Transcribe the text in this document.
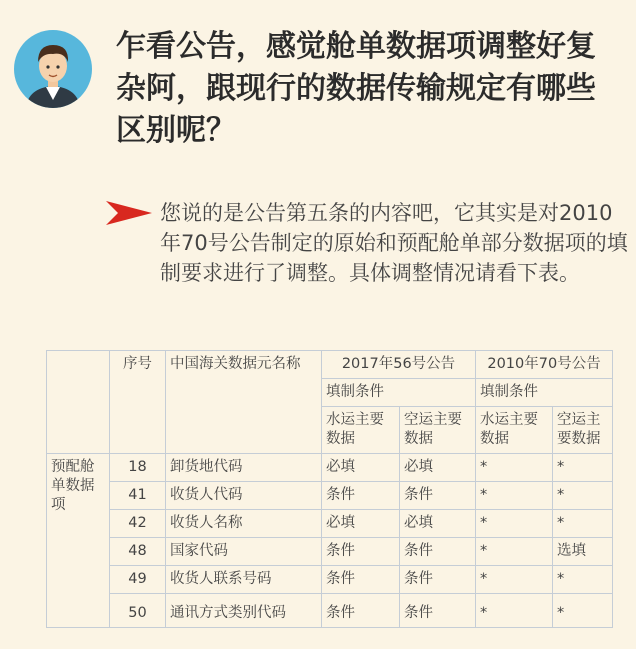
乍看公告，感觉舱单数据项调整好复杂阿，跟现行的数据传输规定有哪些区别呢？

您说的是公告第五条的内容吧，它其实是对2010年70号公告制定的原始和预配舱单部分数据项的填制要求进行了调整。具体调整情况请看下表。

	序号	中国海关数据元名称	2017年56号公告		2010年70号公告	
			填制条件		填制条件	
			水运主要数据	空运主要数据	水运主要数据	空运主要数据
预配舱单数据项	18	卸货地代码	必填	必填	*	*
	41	收货人代码	条件	条件	*	*
	42	收货人名称	必填	必填	*	*
	48	国家代码	条件	条件	*	选填
	49	收货人联系号码	条件	条件	*	*
	50	通讯方式类别代码	条件	条件	*	*
